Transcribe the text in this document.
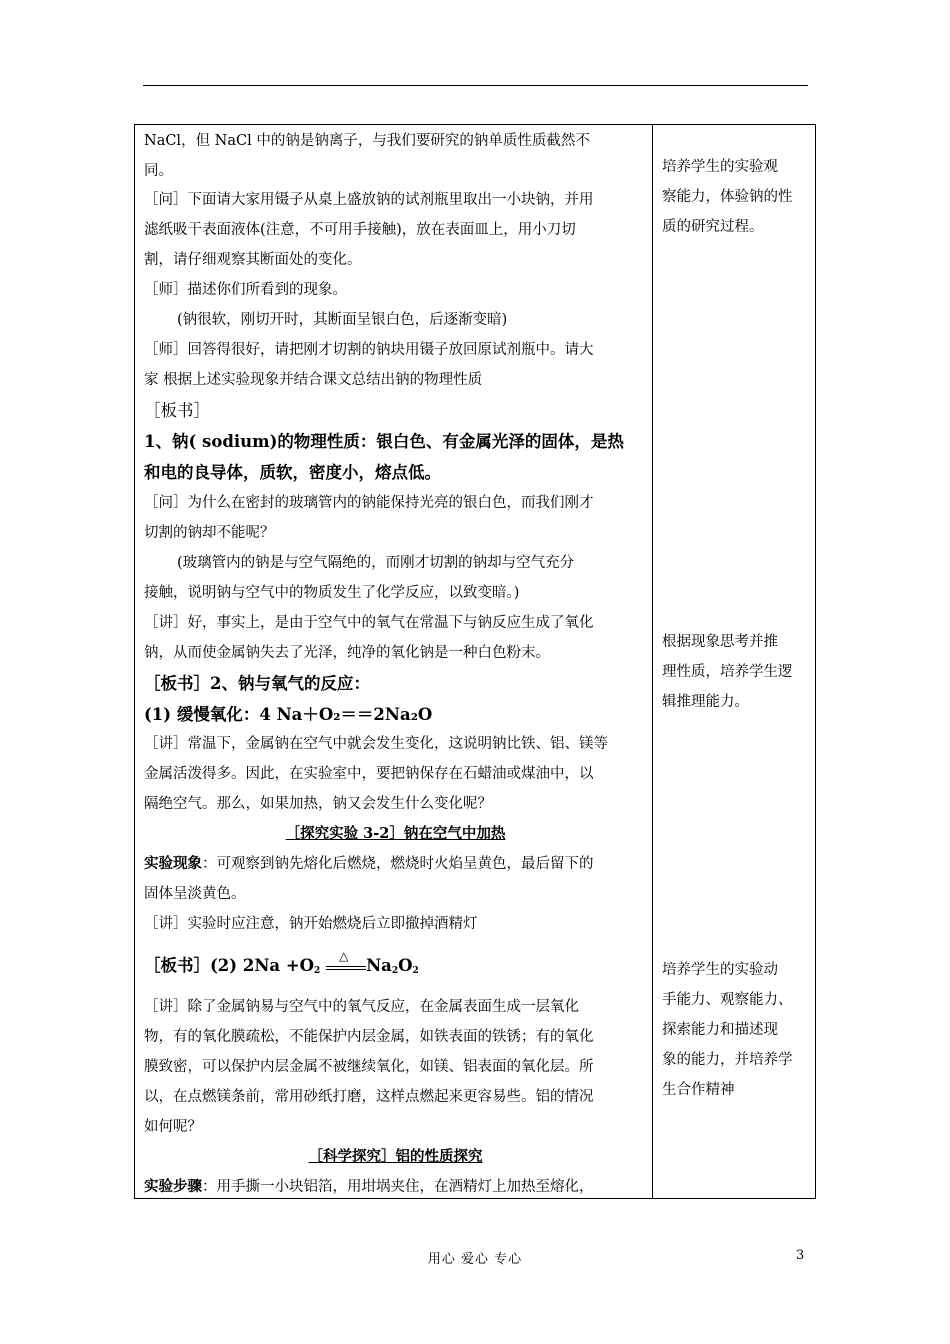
NaCl，但 NaCl 中的钠是钠离子，与我们要研究的钠单质性质截然不
同。
［问］下面请大家用镊子从桌上盛放钠的试剂瓶里取出一小块钠，并用
滤纸吸干表面液体(注意，不可用手接触)，放在表面皿上，用小刀切
割，请仔细观察其断面处的变化。
［师］描述你们所看到的现象。
(钠很软，刚切开时，其断面呈银白色，后逐渐变暗)
［师］回答得很好，请把刚才切割的钠块用镊子放回原试剂瓶中。请大
家 根据上述实验现象并结合课文总结出钠的物理性质
［板书］
1、钠( sodium)的物理性质：银白色、有金属光泽的固体，是热
和电的良导体，质软，密度小，熔点低。
［问］为什么在密封的玻璃管内的钠能保持光亮的银白色，而我们刚才
切割的钠却不能呢？
(玻璃管内的钠是与空气隔绝的，而刚才切割的钠却与空气充分
接触，说明钠与空气中的物质发生了化学反应，以致变暗。)
［讲］好，事实上，是由于空气中的氧气在常温下与钠反应生成了氧化
钠，从而使金属钠失去了光泽，纯净的氧化钠是一种白色粉末。
［板书］2、钠与氧气的反应：
(1) 缓慢氧化：4 Na＋O₂＝＝2Na₂O
［讲］常温下，金属钠在空气中就会发生变化，这说明钠比铁、铝、镁等
金属活泼得多。因此，在实验室中，要把钠保存在石蜡油或煤油中，以
隔绝空气。那么，如果加热，钠又会发生什么变化呢？
［探究实验 3-2］钠在空气中加热
实验现象：可观察到钠先熔化后燃烧，燃烧时火焰呈黄色，最后留下的
固体呈淡黄色。
［讲］实验时应注意，钠开始燃烧后立即撤掉酒精灯
［板书］(2) $2Na +O_2$
△ $Na_2O_2$
［讲］除了金属钠易与空气中的氧气反应，在金属表面生成一层氧化
物，有的氧化膜疏松，不能保护内层金属，如铁表面的铁锈；有的氧化
膜致密，可以保护内层金属不被继续氧化，如镁、铝表面的氧化层。所
以，在点燃镁条前，常用砂纸打磨，这样点燃起来更容易些。铝的情况
如何呢？
［科学探究］铝的性质探究
实验步骤：用手撕一小块铝箔，用坩埚夹住，在酒精灯上加热至熔化，
培养学生的实验观
察能力，体验钠的性
质的研究过程。
根据现象思考并推
理性质，培养学生逻
辑推理能力。
培养学生的实验动
手能力、观察能力、
探索能力和描述现
象的能力，并培养学
生合作精神
用心 爱心 专心	3
